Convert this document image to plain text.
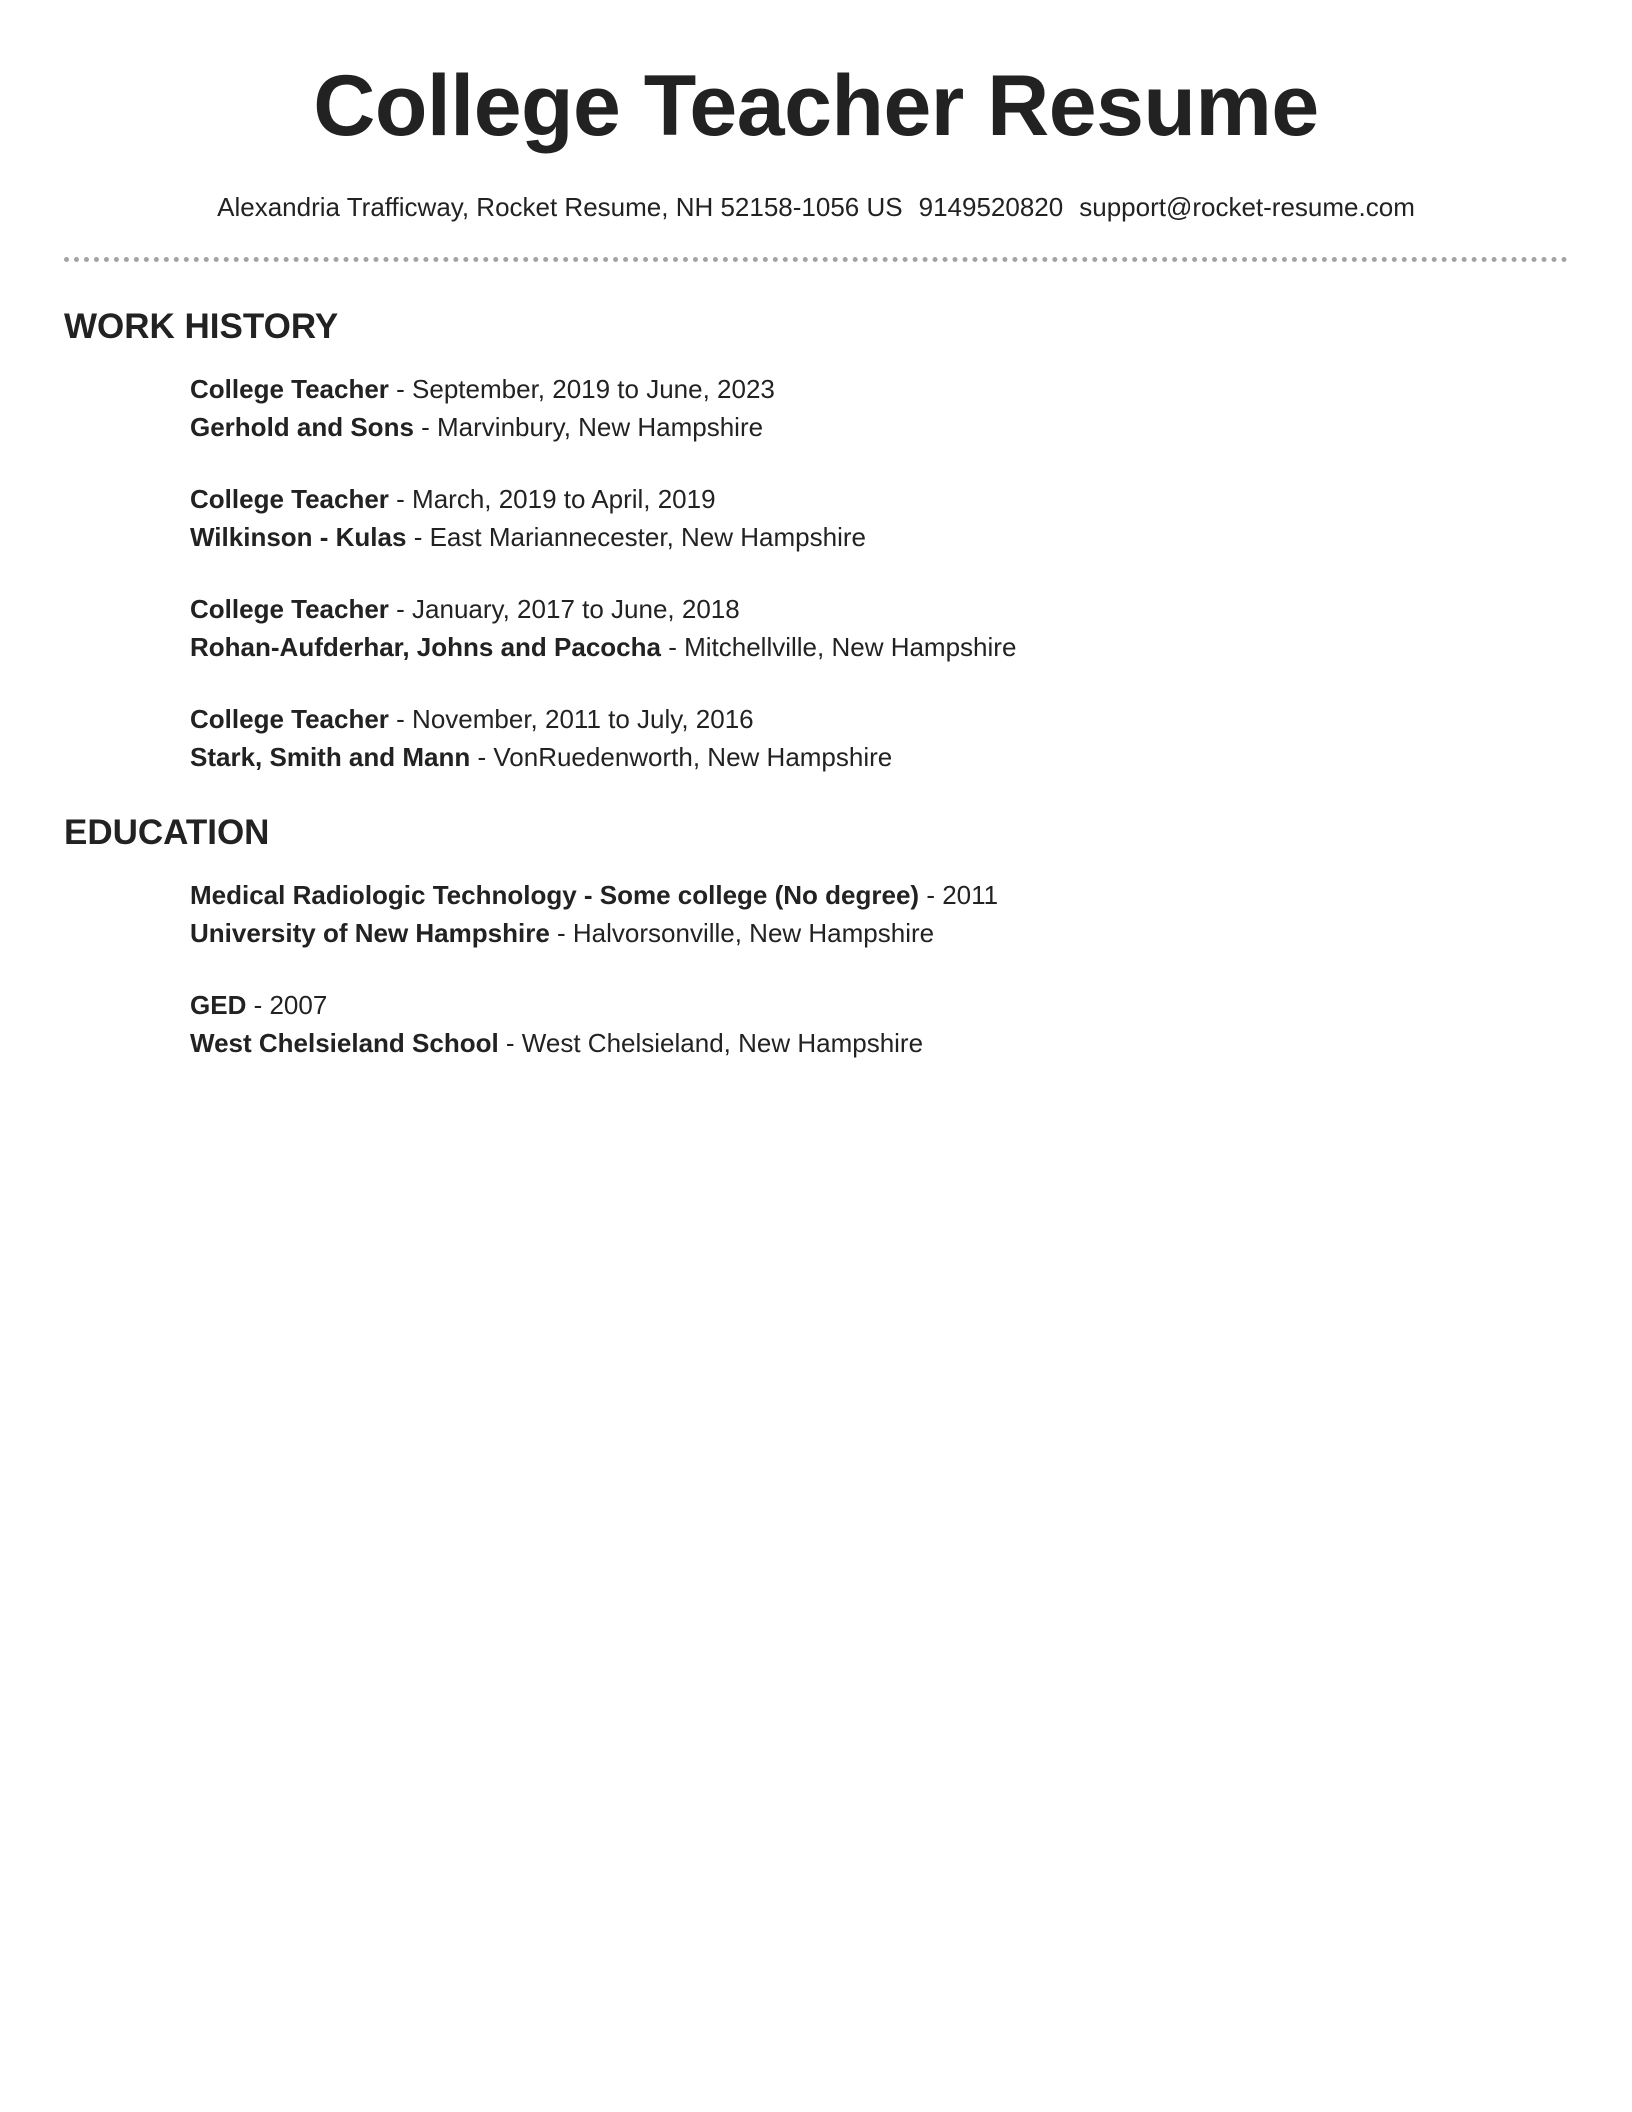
College Teacher Resume
Alexandria Trafficway, Rocket Resume, NH 52158-1056 US 9149520820 support@rocket-resume.com
WORK HISTORY
College Teacher - September, 2019 to June, 2023
Gerhold and Sons - Marvinbury, New Hampshire
College Teacher - March, 2019 to April, 2019
Wilkinson - Kulas - East Mariannecester, New Hampshire
College Teacher - January, 2017 to June, 2018
Rohan-Aufderhar, Johns and Pacocha - Mitchellville, New Hampshire
College Teacher - November, 2011 to July, 2016
Stark, Smith and Mann - VonRuedenworth, New Hampshire
EDUCATION
Medical Radiologic Technology - Some college (No degree) - 2011
University of New Hampshire - Halvorsonville, New Hampshire
GED - 2007
West Chelsieland School - West Chelsieland, New Hampshire
